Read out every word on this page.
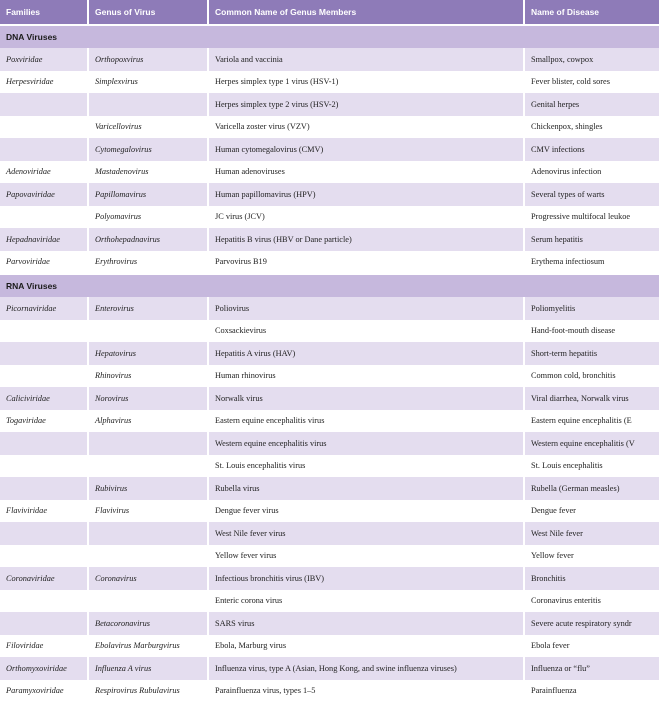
Families	Genus of Virus	Common Name of Genus Members	Name of Disease
DNA Viruses			
Poxviridae	Orthopoxvirus	Variola and vaccinia	Smallpox, cowpox
Herpesviridae	Simplexvirus	Herpes simplex type 1 virus (HSV-1)	Fever blister, cold sores
		Herpes simplex type 2 virus (HSV-2)	Genital herpes
	Varicellovirus	Varicella zoster virus (VZV)	Chickenpox, shingles
	Cytomegalovirus	Human cytomegalovirus (CMV)	CMV infections
Adenoviridae	Mastadenovirus	Human adenoviruses	Adenovirus infection
Papovaviridae	Papillomavirus	Human papillomavirus (HPV)	Several types of warts
	Polyomavirus	JC virus (JCV)	Progressive multifocal leukoe
Hepadnaviridae	Orthohepadnavirus	Hepatitis B virus (HBV or Dane particle)	Serum hepatitis
Parvoviridae	Erythrovirus	Parvovirus B19	Erythema infectiosum
RNA Viruses			
Picornaviridae	Enterovirus	Poliovirus	Poliomyelitis
		Coxsackievirus	Hand-foot-mouth disease
	Hepatovirus	Hepatitis A virus (HAV)	Short-term hepatitis
	Rhinovirus	Human rhinovirus	Common cold, bronchitis
Caliciviridae	Norovirus	Norwalk virus	Viral diarrhea, Norwalk virus
Togaviridae	Alphavirus	Eastern equine encephalitis virus	Eastern equine encephalitis (E
		Western equine encephalitis virus	Western equine encephalitis (V
		St. Louis encephalitis virus	St. Louis encephalitis
	Rubivirus	Rubella virus	Rubella (German measles)
Flaviviridae	Flavivirus	Dengue fever virus	Dengue fever
		West Nile fever virus	West Nile fever
		Yellow fever virus	Yellow fever
Coronaviridae	Coronavirus	Infectious bronchitis virus (IBV)	Bronchitis
		Enteric corona virus	Coronavirus enteritis
	Betacoronavirus	SARS virus	Severe acute respiratory syndr
Filoviridae	Ebolavirus Marburgvirus	Ebola, Marburg virus	Ebola fever
Orthomyxoviridae	Influenza A virus	Influenza virus, type A (Asian, Hong Kong, and swine influenza viruses)	Influenza or “flu”
Paramyxoviridae	Respirovirus Rubulavirus	Parainfluenza virus, types 1–5	Parainfluenza
